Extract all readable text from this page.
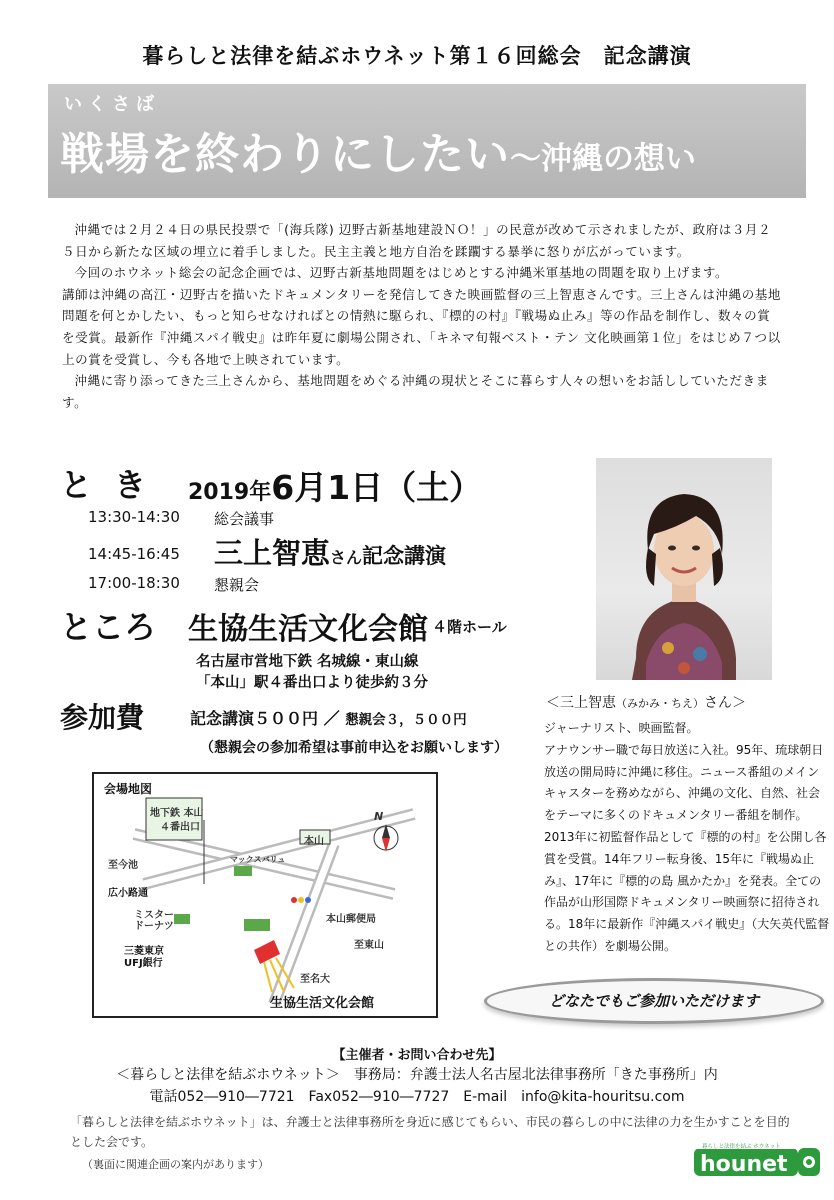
暮らしと法律を結ぶホウネット第１６回総会　記念講演
いくさば
戦場を終わりにしたい～沖縄の想い

沖縄では２月２４日の県民投票で「(海兵隊) 辺野古新基地建設ＮＯ！」の民意が改めて示されましたが、政府は３月２５日から新たな区域の埋立に着手しました。民主主義と地方自治を蹂躙する暴挙に怒りが広がっています。

今回のホウネット総会の記念企画では、辺野古新基地問題をはじめとする沖縄米軍基地の問題を取り上げます。

講師は沖縄の高江・辺野古を描いたドキュメンタリーを発信してきた映画監督の三上智恵さんです。三上さんは沖縄の基地問題を何とかしたい、もっと知らせなければとの情熱に駆られ、『標的の村』『戦場ぬ止み』等の作品を制作し、数々の賞を受賞。最新作『沖縄スパイ戦史』は昨年夏に劇場公開され、「キネマ旬報ベスト・テン 文化映画第１位」をはじめ７つ以上の賞を受賞し、今も各地で上映されています。

沖縄に寄り添ってきた三上さんから、基地問題をめぐる沖縄の現状とそこに暮らす人々の想いをお話ししていただきます。

とき 2019年6月1日（土）
13:30-14:30 総会議事
14:45-16:45 三上智恵さん記念講演
17:00-18:30 懇親会
ところ 生協生活文化会館 ４階ホール
名古屋市営地下鉄 名城線・東山線
「本山」駅４番出口より徒歩約３分
参加費	記念講演５００円 ／ 懇親会３，５００円
（懇親会の参加希望は事前申込をお願いします）
＜三上智恵（みかみ・ちえ）さん＞

ジャーナリスト、映画監督。

アナウンサー職で毎日放送に入社。95年、琉球朝日放送の開局時に沖縄に移住。ニュース番組のメインキャスターを務めながら、沖縄の文化、自然、社会をテーマに多くのドキュメンタリー番組を制作。

2013年に初監督作品として『標的の村』を公開し各賞を受賞。14年フリー転身後、15年に『戦場ぬ止み』、17年に『標的の島 風かたか』を発表。全ての作品が山形国際ドキュメンタリー映画祭に招待される。18年に最新作『沖縄スパイ戦史』（大矢英代監督との共作）を劇場公開。

どなたでもご参加いただけます
会場地図
地下鉄 本山
４番出口
本山
N
マックスバリュ
至今池
広小路通
ミスター
ドーナツ
三菱東京
UFJ銀行
本山郵便局
至東山
至名大
生協生活文化会館
【主催者・お問い合わせ先】
＜暮らしと法律を結ぶホウネット＞　事務局：弁護士法人名古屋北法律事務所「きた事務所」内
電話052―910―7721　Fax052―910―7727　E-mail　info@kita-houritsu.com
「暮らしと法律を結ぶホウネット」は、弁護士と法律事務所を身近に感じてもらい、市民の暮らしの中に法律の力を生かすことを目的とした会です。
（裏面に関連企画の案内があります）	hounet
暮らしと法律を結ぶ ホウネット
